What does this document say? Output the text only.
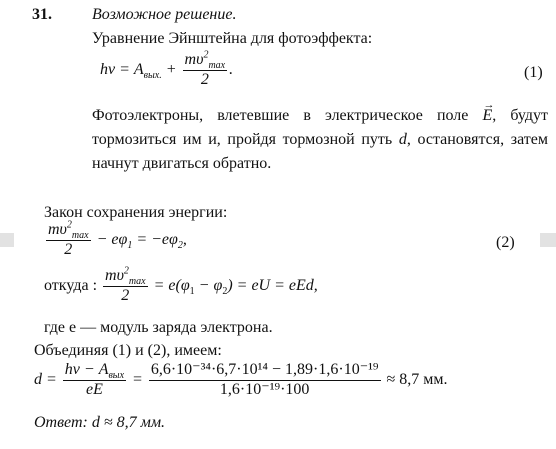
31.	Возможное решение.
Уравнение Эйнштейна для фотоэффекта:
$h\nu = A_{вых.} + \frac{m\upsilon^2_{max}}{2}$ .	(1)
Фотоэлектроны, влетевшие в электрическое поле → E, будут тормозиться им и, пройдя тормозной путь d, остановятся, затем начнут двигаться обратно.
Закон сохранения энергии:
$\frac{m\upsilon^2_{max}}{2} - e\varphi_1 = -e\varphi_2$,	(2)
откуда : $\frac{m\upsilon^2_{max}}{2} = e(\varphi_1 - \varphi_2)$ = eU = eEd,
где e — модуль заряда электрона.
Объединяя (1) и (2), имеем:
$d = \frac{h\nu - A_{вых}}{eE} = \frac{\text{6,6·10⁻³⁴·6,7·10¹⁴ − 1,89·1,6·10⁻¹⁹}}{\text{1,6·10⁻¹⁹·100}} \approx 8,7$ мм.
Ответ: d ≈ 8,7 мм.
